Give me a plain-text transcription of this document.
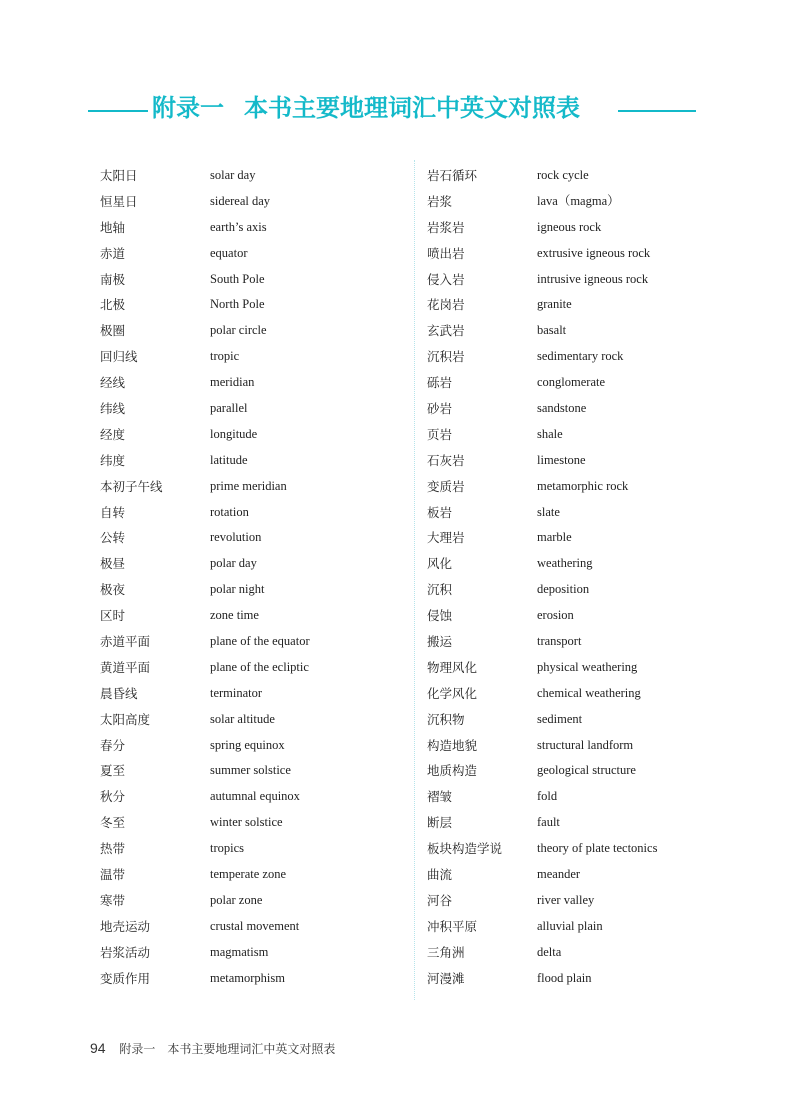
附录一 本书主要地理词汇中英文对照表
太阳日	solar day
恒星日	sidereal day
地轴	earth’s axis
赤道	equator
南极	South Pole
北极	North Pole
极圈	polar circle
回归线	tropic
经线	meridian
纬线	parallel
经度	longitude
纬度	latitude
本初子午线	prime meridian
自转	rotation
公转	revolution
极昼	polar day
极夜	polar night
区时	zone time
赤道平面	plane of the equator
黄道平面	plane of the ecliptic
晨昏线	terminator
太阳高度	solar altitude
春分	spring equinox
夏至	summer solstice
秋分	autumnal equinox
冬至	winter solstice
热带	tropics
温带	temperate zone
寒带	polar zone
地壳运动	crustal movement
岩浆活动	magmatism
变质作用	metamorphism
岩石循环	rock cycle
岩浆	lava（magma）
岩浆岩	igneous rock
喷出岩	extrusive igneous rock
侵入岩	intrusive igneous rock
花岗岩	granite
玄武岩	basalt
沉积岩	sedimentary rock
砾岩	conglomerate
砂岩	sandstone
页岩	shale
石灰岩	limestone
变质岩	metamorphic rock
板岩	slate
大理岩	marble
风化	weathering
沉积	deposition
侵蚀	erosion
搬运	transport
物理风化	physical weathering
化学风化	chemical weathering
沉积物	sediment
构造地貌	structural landform
地质构造	geological structure
褶皱	fold
断层	fault
板块构造学说	theory of plate tectonics
曲流	meander
河谷	river valley
冲积平原	alluvial plain
三角洲	delta
河漫滩	flood plain
94 附录一 本书主要地理词汇中英文对照表
